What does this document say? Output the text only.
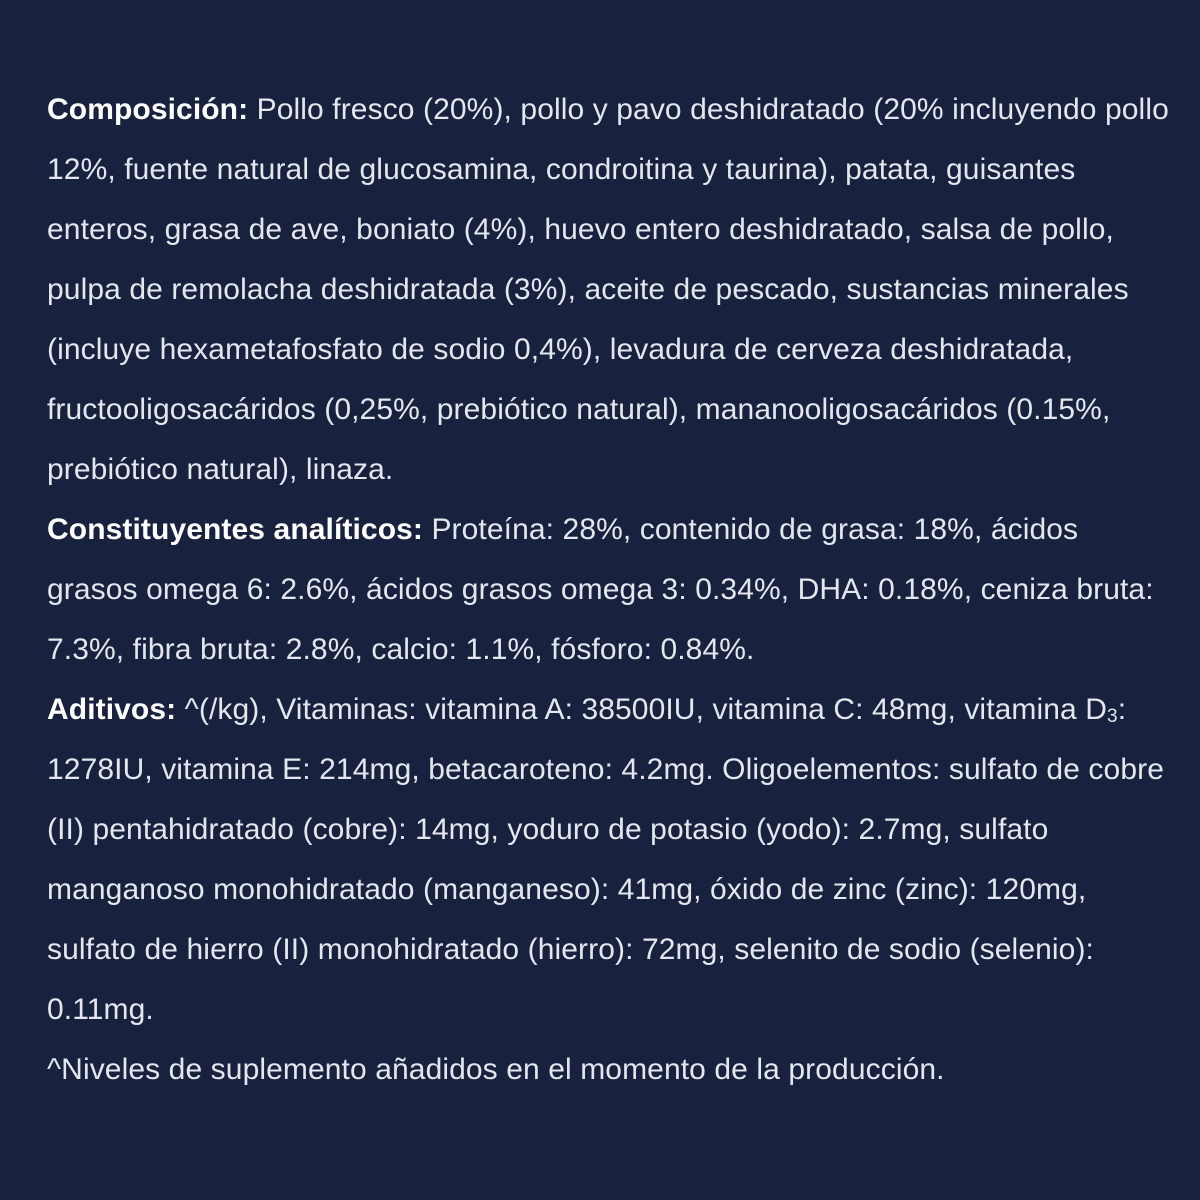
Composición: Pollo fresco (20%), pollo y pavo deshidratado (20% incluyendo pollo 12%, fuente natural de glucosamina, condroitina y taurina), patata, guisantes enteros, grasa de ave, boniato (4%), huevo entero deshidratado, salsa de pollo, pulpa de remolacha deshidratada (3%), aceite de pescado, sustancias minerales (incluye hexametafosfato de sodio 0,4%), levadura de cerveza deshidratada, fructooligosacáridos (0,25%, prebiótico natural), mananooligosacáridos (0.15%, prebiótico natural), linaza.

Constituyentes analíticos: Proteína: 28%, contenido de grasa: 18%, ácidos grasos omega 6: 2.6%, ácidos grasos omega 3: 0.34%, DHA: 0.18%, ceniza bruta: 7.3%, fibra bruta: 2.8%, calcio: 1.1%, fósforo: 0.84%.

Aditivos: ^(/kg), Vitaminas: vitamina A: 38500IU, vitamina C: 48mg, vitamina D3: 1278IU, vitamina E: 214mg, betacaroteno: 4.2mg. Oligoelementos: sulfato de cobre (II) pentahidratado (cobre): 14mg, yoduro de potasio (yodo): 2.7mg, sulfato manganoso monohidratado (manganeso): 41mg, óxido de zinc (zinc): 120mg, sulfato de hierro (II) monohidratado (hierro): 72mg, selenito de sodio (selenio): 0.11mg.

^Niveles de suplemento añadidos en el momento de la producción.
